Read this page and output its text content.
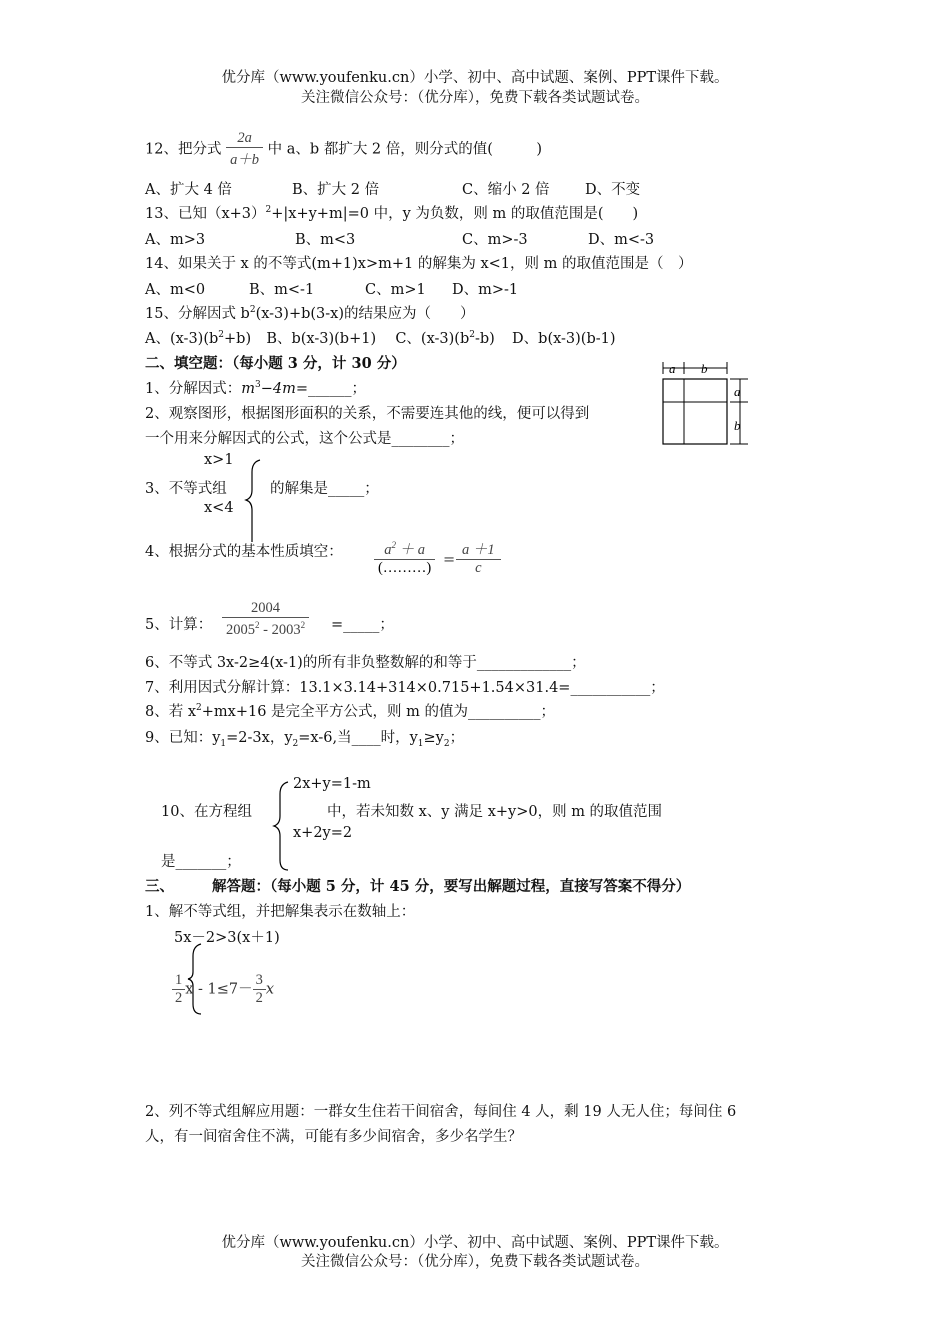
优分库（www.youfenku.cn）小学、初中、高中试题、案例、PPT课件下载。
关注微信公众号：（优分库），免费下载各类试题试卷。
12、把分式 $\frac{2a}{a+b}$ 中 a、b 都扩大 2 倍，则分式的值(　　　)
A、扩大 4 倍	B、扩大 2 倍	C、缩小 2 倍 D、不变
13、已知$(x+3)^2+|x+y+m|=0$ 中，y 为负数，则 m 的取值范围是(　　)
A、m>3	B、m<3	C、m>-3	D、m<-3
14、如果关于 x 的不等式(m+1)x>m+1 的解集为 x<1，则 m 的取值范围是（　）
A、m<0	B、m<-1	C、m>1 D、m>-1
15、分解因式 $b^2(x-3)+b(3-x)$的结果应为（　　）
A、$(x-3)(b^2+b)$ B、b(x-3)(b+1) C、$(x-3)(b^2-b)$ D、b(x-3)(b-1)
二、填空题：（每小题 3 分，计 30 分）	a b
a
b
1、分解因式：$m^3-4m=\_\_\_\_\_\_$；
2、观察图形，根据图形面积的关系，不需要连其他的线，便可以得到
一个用来分解因式的公式，这个公式是________；
x>1
3、不等式组	的解集是_____；
x<4
4、根据分式的基本性质填空： $\frac{a^2 + a}{(\dots\dots\dots)} = \frac{a +1}{c}$
5、计算： $\frac{2004}{2005^2 - 2003^2}$ =_____；
6、不等式 3x-2≥4(x-1)的所有非负整数解的和等于_____________；
7、利用因式分解计算：13.1×3.14+314×0.715+1.54×31.4=___________；
8、若 $x^2+mx+16$ 是完全平方公式，则 m 的值为__________；
9、已知：$y_1=2-3x$，$y_2=x-6$,当____时，$y_1\ge y_2$；
2x+y=1-m
10、在方程组	中，若未知数 x、y 满足 x+y>0，则 m 的取值范围
x+2y=2
是_______；
三、	解答题：（每小题 5 分，计 45 分，要写出解题过程，直接写答案不得分）
1、解不等式组，并把解集表示在数轴上：
5x－2>3(x＋1)
$\frac{1}{2}$ $x - 1\le 7- \frac{3}{2}$ x
2、列不等式组解应用题：一群女生住若干间宿舍，每间住 4 人，剩 19 人无人住；每间住 6
人，有一间宿舍住不满，可能有多少间宿舍，多少名学生？
优分库（www.youfenku.cn）小学、初中、高中试题、案例、PPT课件下载。
关注微信公众号：（优分库），免费下载各类试题试卷。
